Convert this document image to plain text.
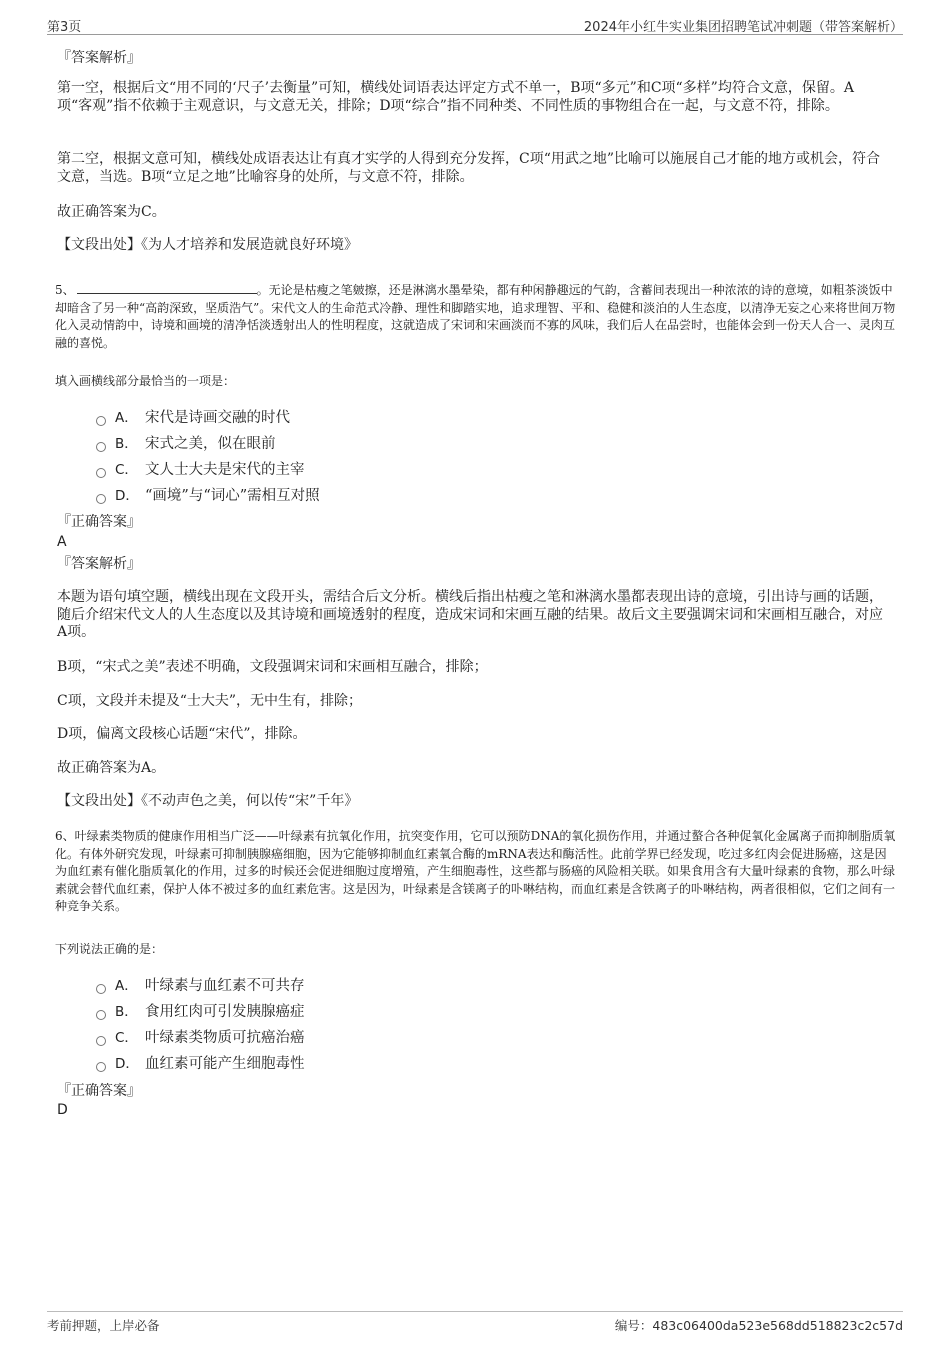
第3页	2024年小红牛实业集团招聘笔试冲刺题（带答案解析）
『答案解析』
第一空，根据后文“用不同的‘尺子’去衡量”可知，横线处词语表达评定方式不单一，B项“多元”和C项“多样”均符合文意，保留。A项“客观”指不依赖于主观意识，与文意无关，排除；D项“综合”指不同种类、不同性质的事物组合在一起，与文意不符，排除。
第二空，根据文意可知，横线处成语表达让有真才实学的人得到充分发挥，C项“用武之地”比喻可以施展自己才能的地方或机会，符合文意，当选。B项“立足之地”比喻容身的处所，与文意不符，排除。
故正确答案为C。
【文段出处】《为人才培养和发展造就良好环境》
5、	。无论是枯瘦之笔皴擦，还是淋漓水墨晕染，都有种闲静趣远的气韵，含蓄间表现出一种浓浓的诗的意境，如粗茶淡饭中却暗含了另一种“高韵深致，坚质浩气”。宋代文人的生命范式冷静、理性和脚踏实地，追求理智、平和、稳健和淡泊的人生态度，以清净无妄之心来将世间万物化入灵动情韵中，诗境和画境的清净恬淡透射出人的性明程度，这就造成了宋词和宋画淡而不寡的风味，我们后人在品尝时，也能体会到一份天人合一、灵肉互融的喜悦。
填入画横线部分最恰当的一项是：
A． 宋代是诗画交融的时代
B． 宋式之美，似在眼前
C． 文人士大夫是宋代的主宰
D． “画境”与“词心”需相互对照
『正确答案』
A
『答案解析』
本题为语句填空题，横线出现在文段开头，需结合后文分析。横线后指出枯瘦之笔和淋漓水墨都表现出诗的意境，引出诗与画的话题，随后介绍宋代文人的人生态度以及其诗境和画境透射的程度，造成宋词和宋画互融的结果。故后文主要强调宋词和宋画相互融合，对应A项。
B项，“宋式之美”表述不明确，文段强调宋词和宋画相互融合，排除；
C项，文段并未提及“士大夫”，无中生有，排除；
D项，偏离文段核心话题“宋代”，排除。
故正确答案为A。
【文段出处】《不动声色之美，何以传“宋”千年》
6、叶绿素类物质的健康作用相当广泛——叶绿素有抗氧化作用，抗突变作用，它可以预防DNA的氧化损伤作用，并通过螯合各种促氧化金属离子而抑制脂质氧化。有体外研究发现，叶绿素可抑制胰腺癌细胞，因为它能够抑制血红素氧合酶的mRNA表达和酶活性。此前学界已经发现，吃过多红肉会促进肠癌，这是因为血红素有催化脂质氧化的作用，过多的时候还会促进细胞过度增殖，产生细胞毒性，这些都与肠癌的风险相关联。如果食用含有大量叶绿素的食物，那么叶绿素就会替代血红素，保护人体不被过多的血红素危害。这是因为，叶绿素是含镁离子的卟啉结构，而血红素是含铁离子的卟啉结构，两者很相似，它们之间有一种竞争关系。
下列说法正确的是：
A． 叶绿素与血红素不可共存
B． 食用红肉可引发胰腺癌症
C． 叶绿素类物质可抗癌治癌
D． 血红素可能产生细胞毒性
『正确答案』
D
考前押题，上岸必备	编号：483c06400da523e568dd518823c2c57d
